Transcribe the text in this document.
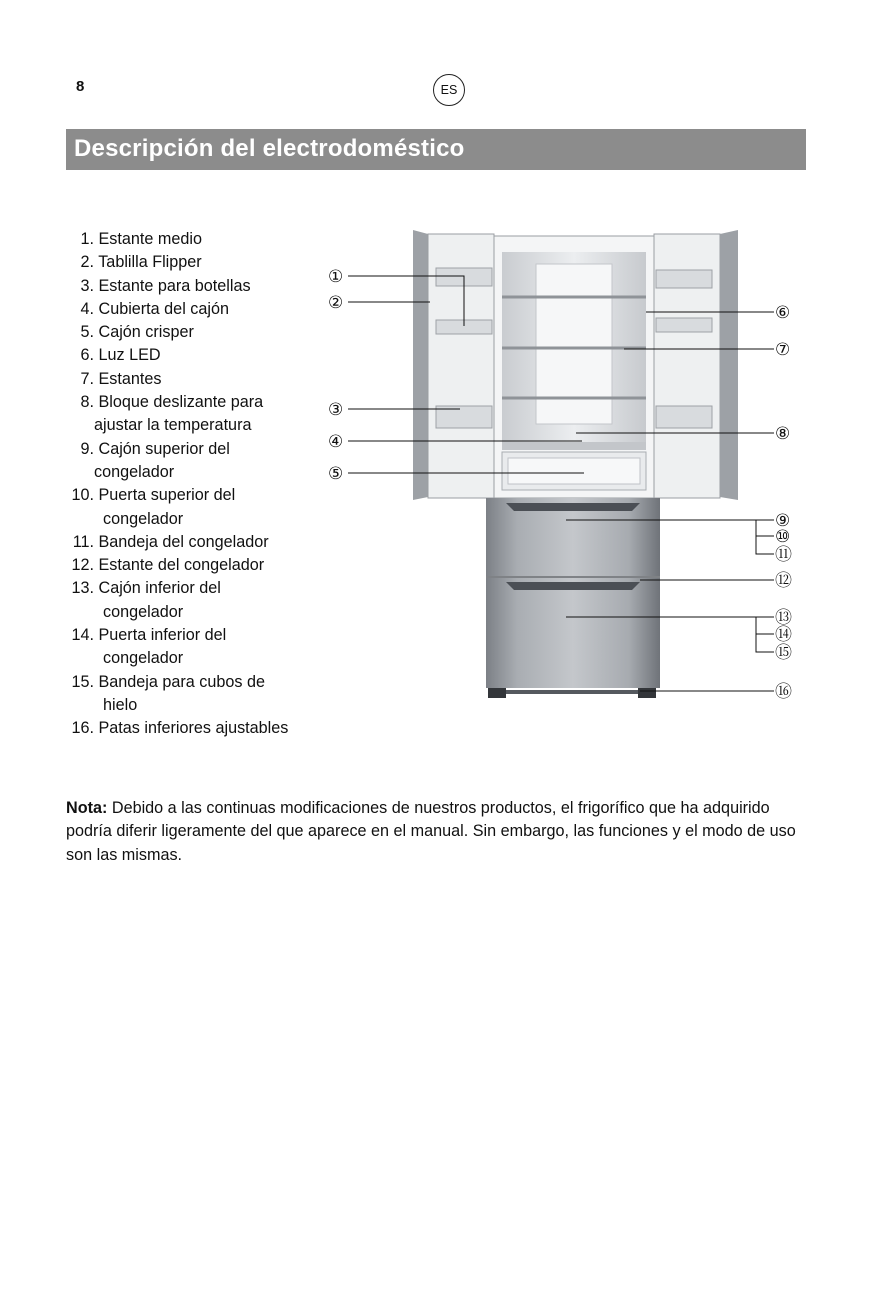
8	ES
Descripción del electrodoméstico
1. Estante medio
2. Tablilla Flipper
3. Estante para botellas
4. Cubierta del cajón
5. Cajón crisper
6. Luz LED
7. Estantes
8. Bloque deslizante para
ajustar la temperatura
9. Cajón superior del
congelador
10. Puerta superior del
congelador
11. Bandeja del congelador
12. Estante del congelador
13. Cajón inferior del
congelador
14. Puerta inferior del
congelador
15. Bandeja para cubos de
hielo
16. Patas inferiores ajustables
①
②
③
④
⑤
⑥
⑦
⑧
⑨
⑩
⑪
⑫
⑬
⑭
⑮
⑯

Nota: Debido a las continuas modificaciones de nuestros productos, el frigorífico que ha adquirido podría diferir ligeramente del que aparece en el manual. Sin embargo, las funciones y el modo de uso son las mismas.
